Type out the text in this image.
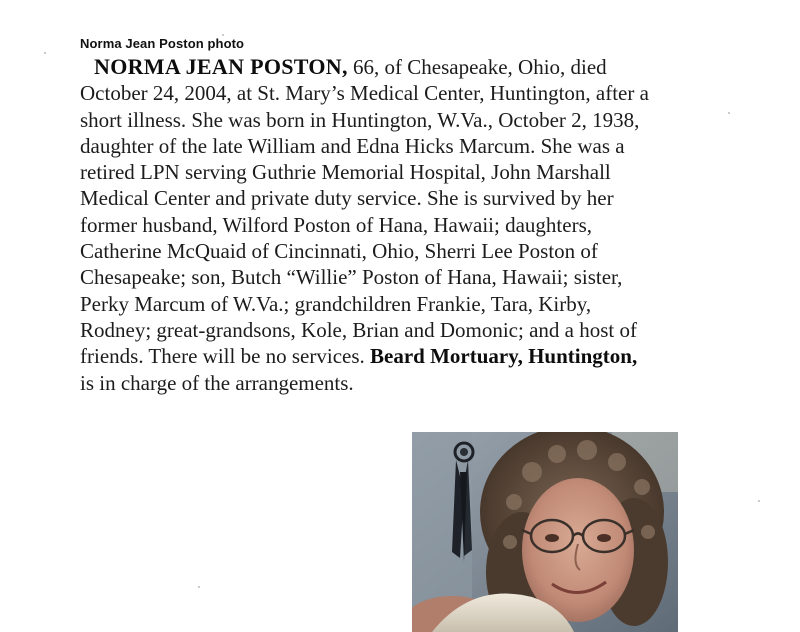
Norma Jean Poston photo
NORMA JEAN POSTON, 66, of Chesapeake, Ohio, died
October 24, 2004, at St. Mary’s Medical Center, Huntington, after a
short illness. She was born in Huntington, W.Va., October 2, 1938,
daughter of the late William and Edna Hicks Marcum. She was a
retired LPN serving Guthrie Memorial Hospital, John Marshall
Medical Center and private duty service. She is survived by her
former husband, Wilford Poston of Hana, Hawaii; daughters,
Catherine McQuaid of Cincinnati, Ohio, Sherri Lee Poston of
Chesapeake; son, Butch “Willie” Poston of Hana, Hawaii; sister,
Perky Marcum of W.Va.; grandchildren Frankie, Tara, Kirby,
Rodney; great-grandsons, Kole, Brian and Domonic; and a host of
friends. There will be no services. Beard Mortuary, Huntington,
is in charge of the arrangements.
